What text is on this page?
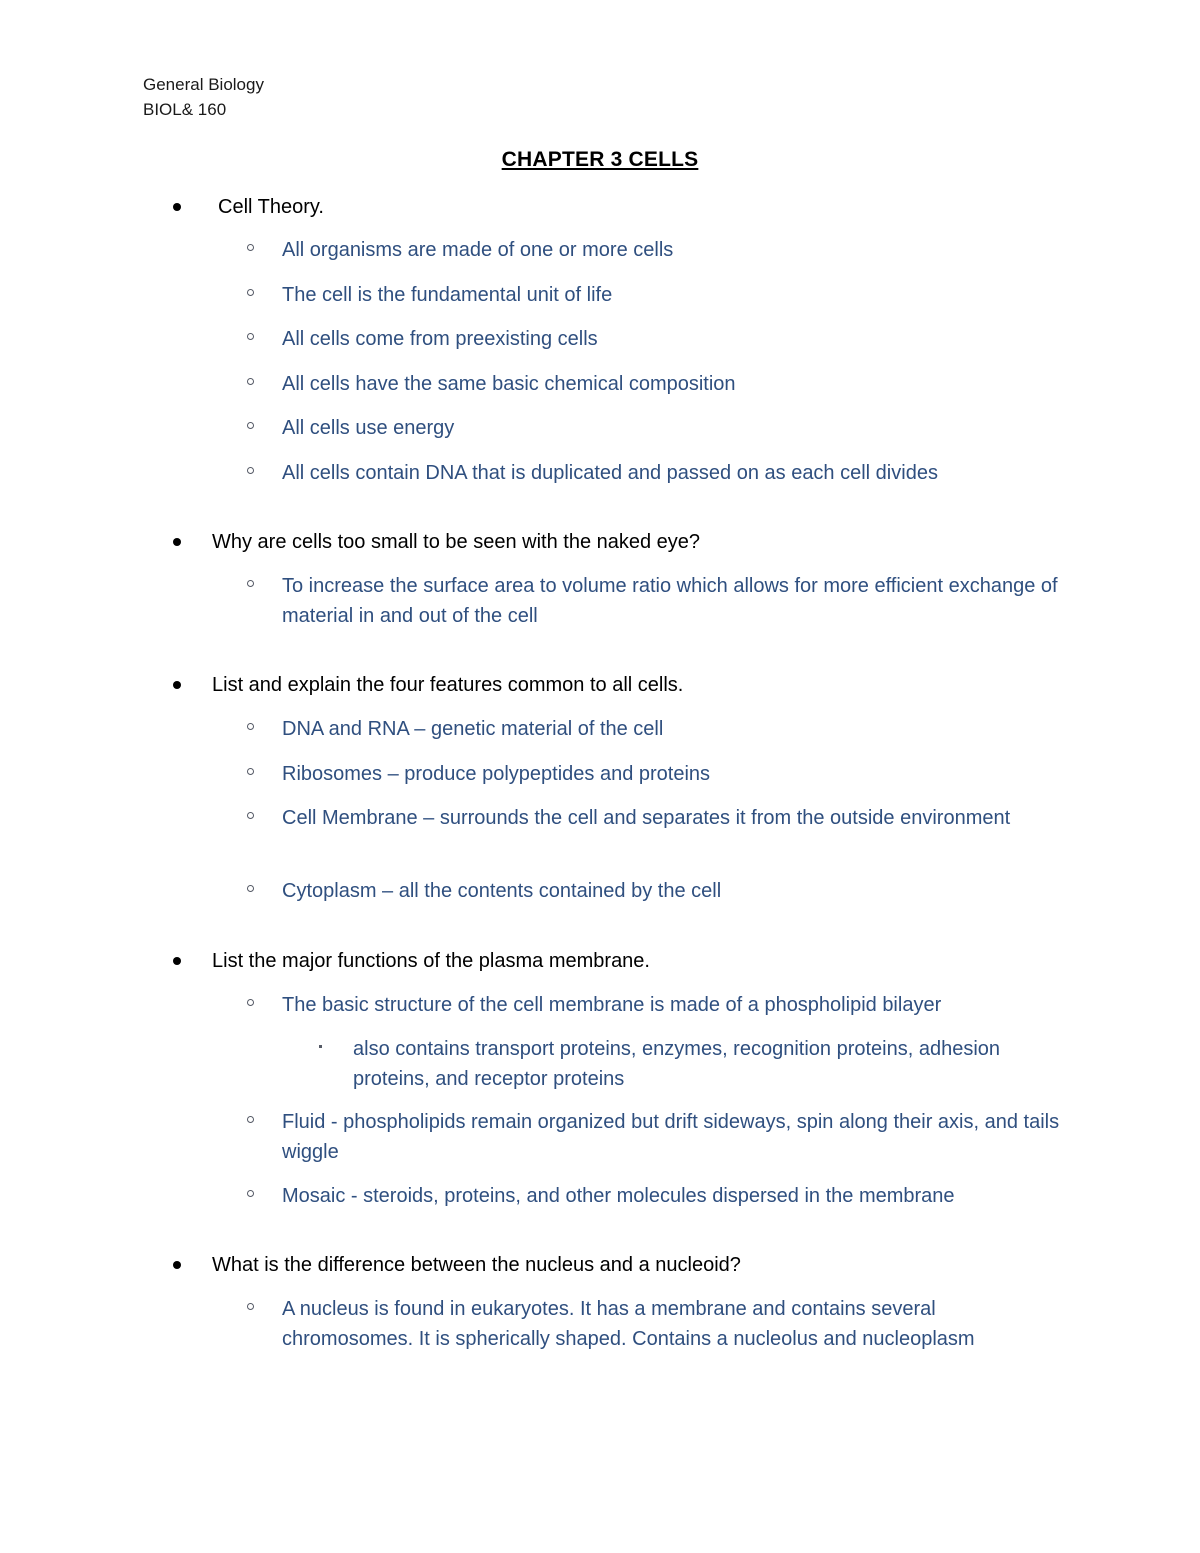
General Biology
BIOL& 160
CHAPTER 3 CELLS
Cell Theory.
All organisms are made of one or more cells
The cell is the fundamental unit of life
All cells come from preexisting cells
All cells have the same basic chemical composition
All cells use energy
All cells contain DNA that is duplicated and passed on as each cell divides
Why are cells too small to be seen with the naked eye?
To increase the surface area to volume ratio which allows for more efficient exchange of material in and out of the cell
List and explain the four features common to all cells.
DNA and RNA – genetic material of the cell
Ribosomes – produce polypeptides and proteins
Cell Membrane – surrounds the cell and separates it from the outside environment
Cytoplasm – all the contents contained by the cell
List the major functions of the plasma membrane.
The basic structure of the cell membrane is made of a phospholipid bilayer
also contains transport proteins, enzymes, recognition proteins, adhesion proteins, and receptor proteins
Fluid - phospholipids remain organized but drift sideways, spin along their axis, and tails wiggle
Mosaic - steroids, proteins, and other molecules dispersed in the membrane
What is the difference between the nucleus and a nucleoid?
A nucleus is found in eukaryotes. It has a membrane and contains several chromosomes. It is spherically shaped. Contains a nucleolus and nucleoplasm
